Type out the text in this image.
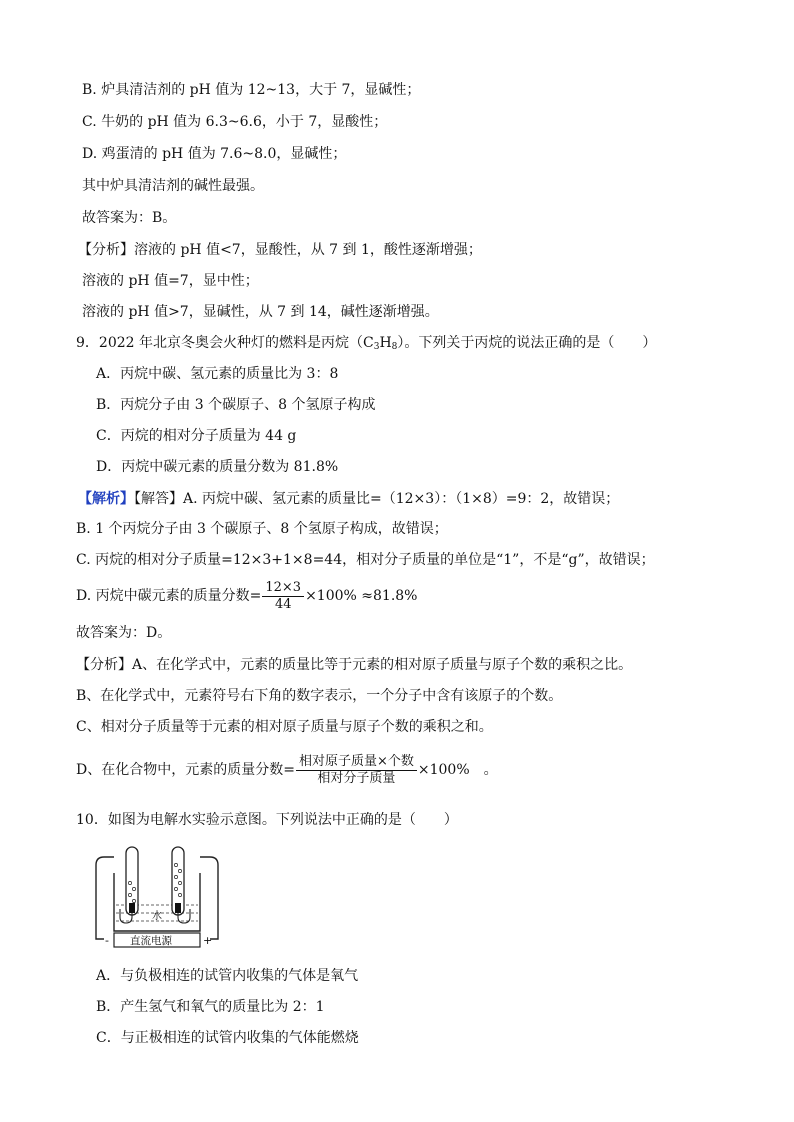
B. 炉具清洁剂的 pH 值为 12~13，大于 7，显碱性；
C. 牛奶的 pH 值为 6.3~6.6，小于 7，显酸性；
D. 鸡蛋清的 pH 值为 7.6~8.0，显碱性；
其中炉具清洁剂的碱性最强。
故答案为：B。
【分析】溶液的 pH 值<7，显酸性，从 7 到 1，酸性逐渐增强；
溶液的 pH 值=7，显中性；
溶液的 pH 值>7，显碱性，从 7 到 14，碱性逐渐增强。
9．2022 年北京冬奥会火种灯的燃料是丙烷$(C_3H_8)$。下列关于丙烷的说法正确的是（　　）
A．丙烷中碳、氢元素的质量比为 3：8
B．丙烷分子由 3 个碳原子、8 个氢原子构成
C．丙烷的相对分子质量为 44 g
D．丙烷中碳元素的质量分数为 81.8%
【解析】【解答】A. 丙烷中碳、氢元素的质量比=（12×3）：（1×8）=9：2，故错误；
B. 1 个丙烷分子由 3 个碳原子、8 个氢原子构成，故错误；
C. 丙烷的相对分子质量=12×3+1×8=44，相对分子质量的单位是“1”，不是“g”，故错误；
D. 丙烷中碳元素的质量分数= $\frac{12\times 3}{44} \times 100\% \approx 81.8\%$
故答案为：D。
【分析】A、在化学式中，元素的质量比等于元素的相对原子质量与原子个数的乘积之比。
B、在化学式中，元素符号右下角的数字表示，一个分子中含有该原子的个数。
C、相对分子质量等于元素的相对原子质量与原子个数的乘积之和。
D、在化合物中，元素的质量分数= $\frac{\text{相对原子质量×个数}}{\text{相对分子质量}} \times 100\%$　。
10．如图为电解水实验示意图。下列说法中正确的是（　　）
水
直流电源
-	+
A．与负极相连的试管内收集的气体是氧气
B．产生氢气和氧气的质量比为 2：1
C．与正极相连的试管内收集的气体能燃烧
